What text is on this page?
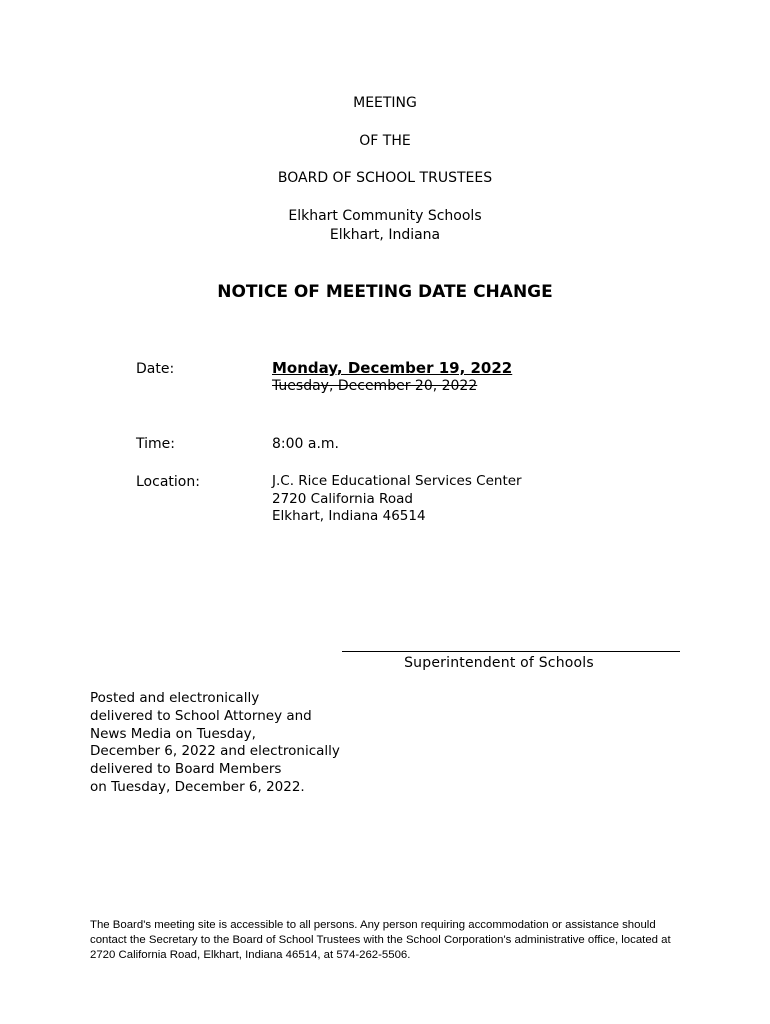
MEETING

OF THE

BOARD OF SCHOOL TRUSTEES

Elkhart Community Schools

Elkhart, Indiana

NOTICE OF MEETING DATE CHANGE

Date:	Monday, December 19, 2022
Tuesday, December 20, 2022

Time:	8:00 a.m.

Location:	J.C. Rice Educational Services Center
2720 California Road
Elkhart, Indiana 46514

Superintendent of Schools

Posted and electronically
delivered to School Attorney and
News Media on Tuesday,
December 6, 2022 and electronically
delivered to Board Members
on Tuesday, December 6, 2022.

The Board's meeting site is accessible to all persons. Any person requiring accommodation or assistance should contact the Secretary to the Board of School Trustees with the School Corporation's administrative office, located at 2720 California Road, Elkhart, Indiana 46514, at 574-262-5506.
